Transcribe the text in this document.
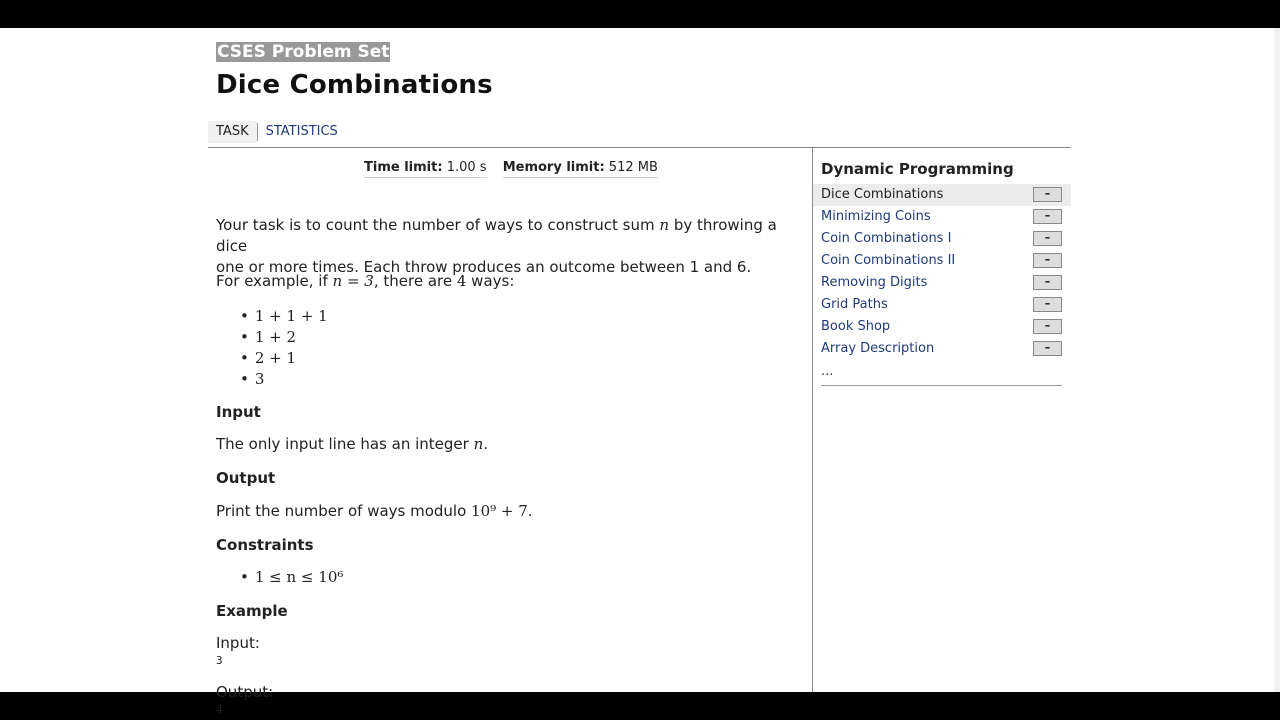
CSES Problem Set
Dice Combinations
TASK	STATISTICS
Time limit: 1.00 s Memory limit: 512 MB
Your task is to count the number of ways to construct sum n by throwing a dice
one or more times. Each throw produces an outcome between 1 and 6.
For example, if n = 3, there are 4 ways:
• 1 + 1 + 1
• 1 + 2
• 2 + 1
• 3
Input
The only input line has an integer n.
Output
Print the number of ways modulo 10⁹ + 7.
Constraints
• 1 ≤ n ≤ 10⁶
Example
Input:
3
Output:
4
Dynamic Programming
Dice Combinations	–
Minimizing Coins	–
Coin Combinations I	–
Coin Combinations II	–
Removing Digits	–
Grid Paths	–
Book Shop	–
Array Description	–
...
